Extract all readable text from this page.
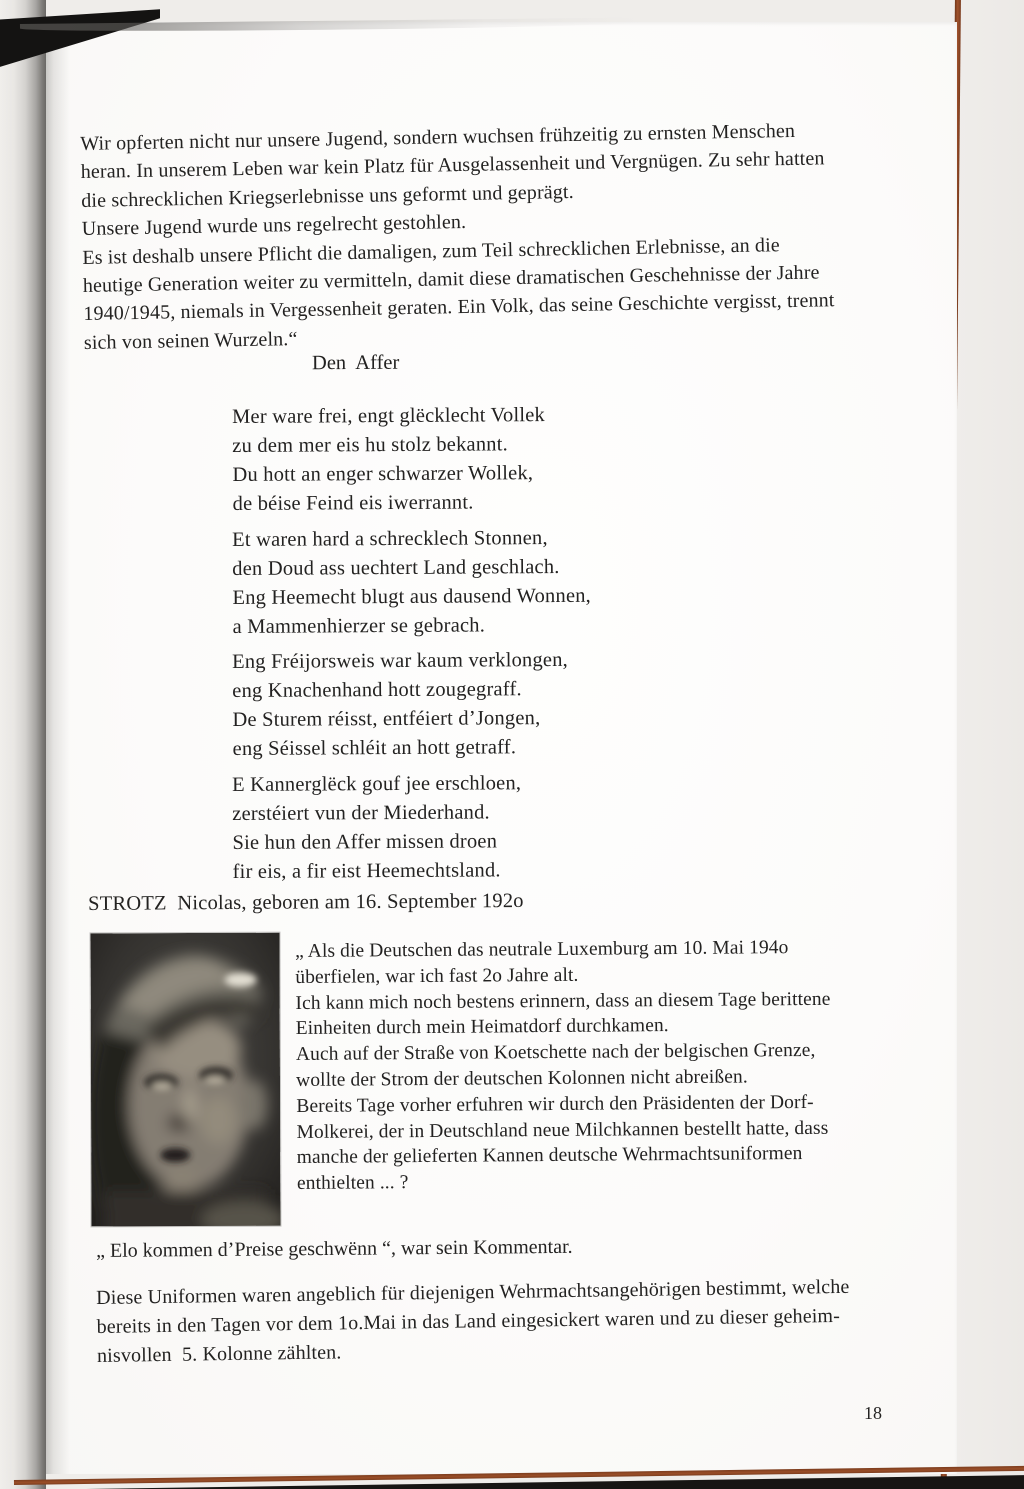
Wir opferten nicht nur unsere Jugend, sondern wuchsen frühzeitig zu ernsten Menschen
heran. In unserem Leben war kein Platz für Ausgelassenheit und Vergnügen. Zu sehr hatten
die schrecklichen Kriegserlebnisse uns geformt und geprägt.
Unsere Jugend wurde uns regelrecht gestohlen.
Es ist deshalb unsere Pflicht die damaligen, zum Teil schrecklichen Erlebnisse, an die
heutige Generation weiter zu vermitteln, damit diese dramatischen Geschehnisse der Jahre
1940/1945, niemals in Vergessenheit geraten. Ein Volk, das seine Geschichte vergisst, trennt
sich von seinen Wurzeln.“
Den  Affer
Mer ware frei, engt glëcklecht Vollek
zu dem mer eis hu stolz bekannt.
Du hott an enger schwarzer Wollek,
de béise Feind eis iwerrannt.
Et waren hard a schrecklech Stonnen,
den Doud ass uechtert Land geschlach.
Eng Heemecht blugt aus dausend Wonnen,
a Mammenhierzer se gebrach.
Eng Fréijorsweis war kaum verklongen,
eng Knachenhand hott zougegraff.
De Sturem réisst, entféiert d’Jongen,
eng Séissel schléit an hott getraff.
E Kannerglëck gouf jee erschloen,
zerstéiert vun der Miederhand.
Sie hun den Affer missen droen
fir eis, a fir eist Heemechtsland.
STROTZ  Nicolas, geboren am 16. September 192o
„ Als die Deutschen das neutrale Luxemburg am 10. Mai 194o
überfielen, war ich fast 2o Jahre alt.
Ich kann mich noch bestens erinnern, dass an diesem Tage berittene
Einheiten durch mein Heimatdorf durchkamen.
Auch auf der Straße von Koetschette nach der belgischen Grenze,
wollte der Strom der deutschen Kolonnen nicht abreißen.
Bereits Tage vorher erfuhren wir durch den Präsidenten der Dorf-
Molkerei, der in Deutschland neue Milchkannen bestellt hatte, dass
manche der gelieferten Kannen deutsche Wehrmachtsuniformen
enthielten ... ?
„ Elo kommen d’Preise geschwënn “, war sein Kommentar.
Diese Uniformen waren angeblich für diejenigen Wehrmachtsangehörigen bestimmt, welche
bereits in den Tagen vor dem 1o.Mai in das Land eingesickert waren und zu dieser geheim-
nisvollen  5. Kolonne zählten.
18
